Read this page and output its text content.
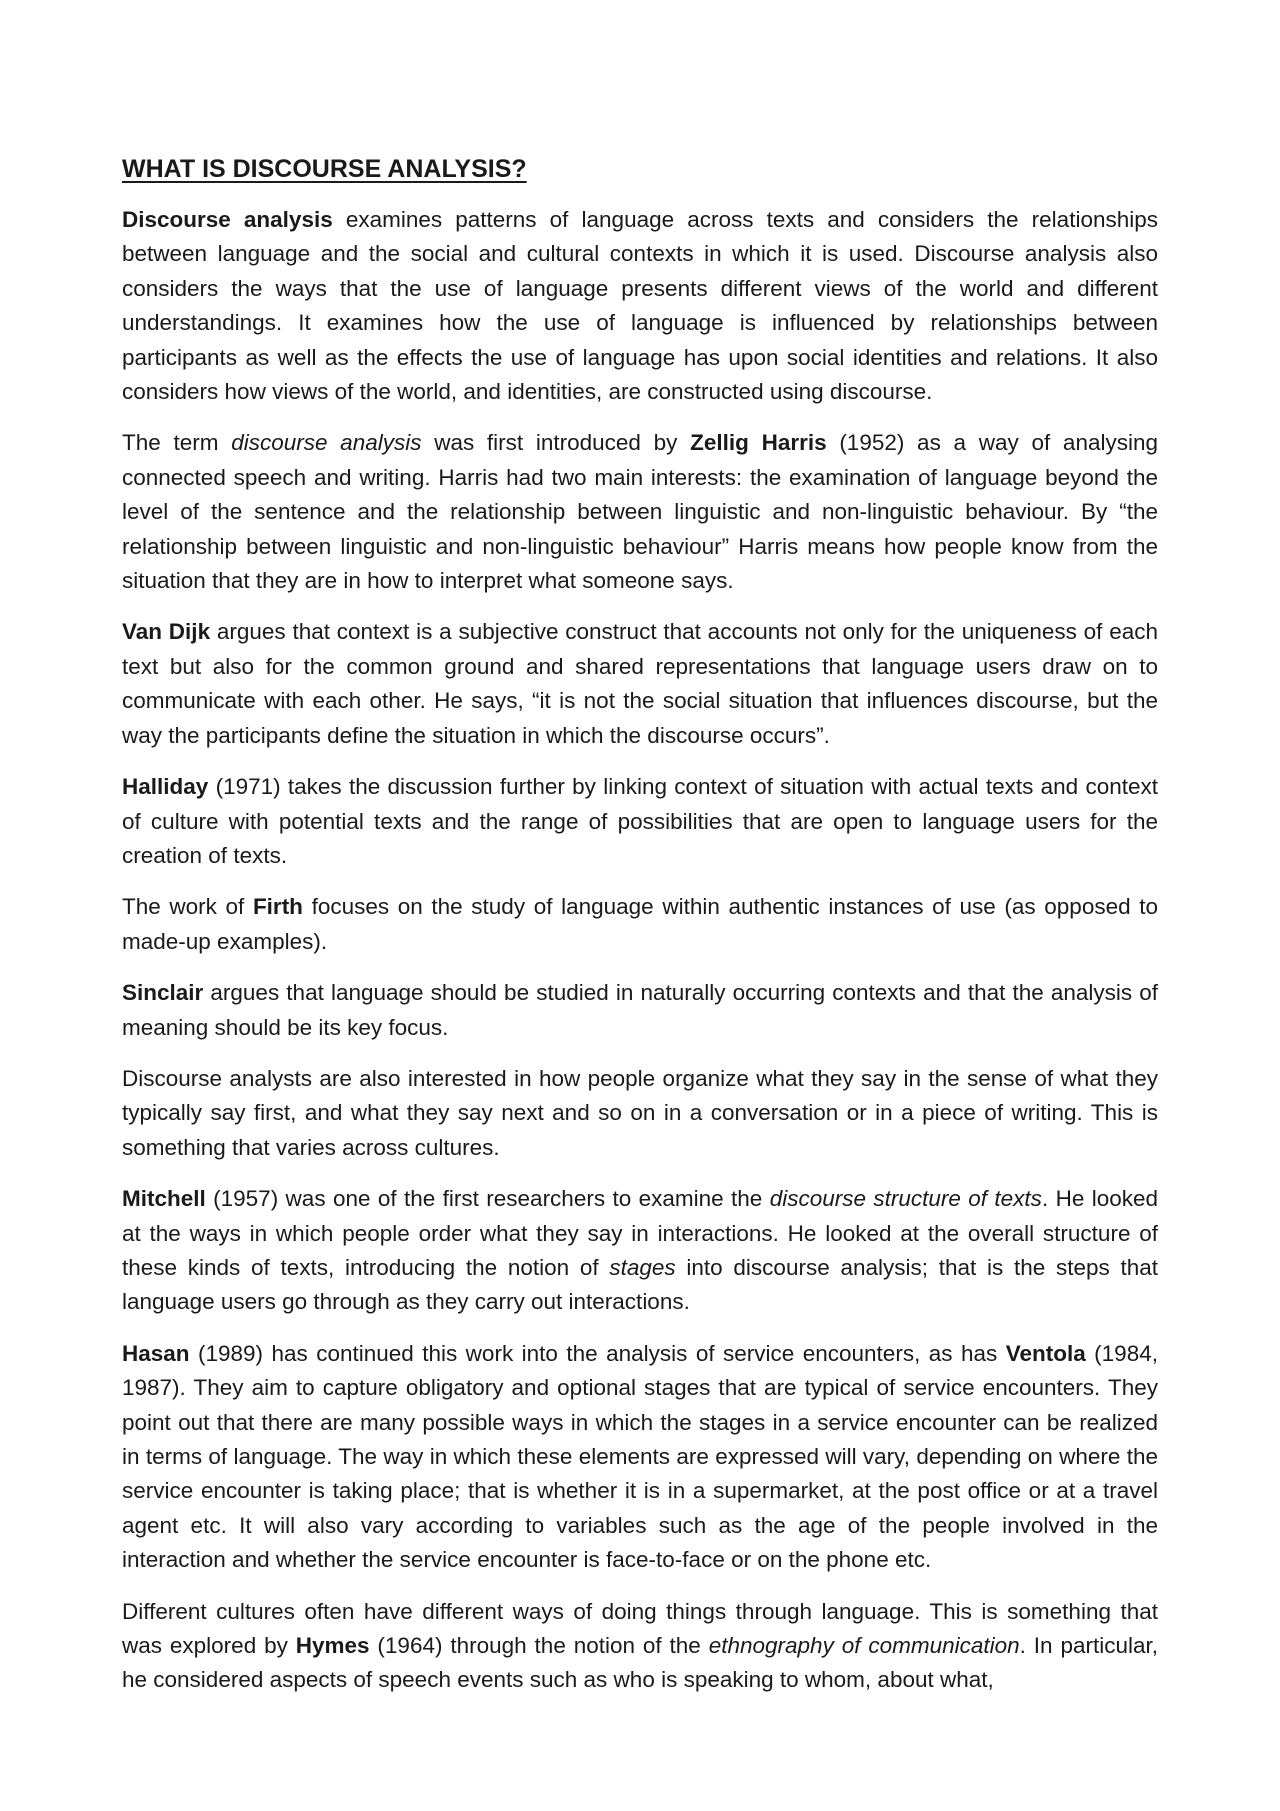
WHAT IS DISCOURSE ANALYSIS?

Discourse analysis examines patterns of language across texts and considers the relationships between language and the social and cultural contexts in which it is used. Discourse analysis also considers the ways that the use of language presents different views of the world and different understandings. It examines how the use of language is influenced by relationships between participants as well as the effects the use of language has upon social identities and relations. It also considers how views of the world, and identities, are constructed using discourse.

The term discourse analysis was first introduced by Zellig Harris (1952) as a way of analysing connected speech and writing. Harris had two main interests: the examination of language beyond the level of the sentence and the relationship between linguistic and non-linguistic behaviour. By “the relationship between linguistic and non-linguistic behaviour” Harris means how people know from the situation that they are in how to interpret what someone says.

Van Dijk argues that context is a subjective construct that accounts not only for the uniqueness of each text but also for the common ground and shared representations that language users draw on to communicate with each other. He says, “it is not the social situation that influences discourse, but the way the participants define the situation in which the discourse occurs”.

Halliday (1971) takes the discussion further by linking context of situation with actual texts and context of culture with potential texts and the range of possibilities that are open to language users for the creation of texts.

The work of Firth focuses on the study of language within authentic instances of use (as opposed to made-up examples).

Sinclair argues that language should be studied in naturally occurring contexts and that the analysis of meaning should be its key focus.

Discourse analysts are also interested in how people organize what they say in the sense of what they typically say first, and what they say next and so on in a conversation or in a piece of writing. This is something that varies across cultures.

Mitchell (1957) was one of the first researchers to examine the discourse structure of texts. He looked at the ways in which people order what they say in interactions. He looked at the overall structure of these kinds of texts, introducing the notion of stages into discourse analysis; that is the steps that language users go through as they carry out interactions.

Hasan (1989) has continued this work into the analysis of service encounters, as has Ventola (1984, 1987). They aim to capture obligatory and optional stages that are typical of service encounters. They point out that there are many possible ways in which the stages in a service encounter can be realized in terms of language. The way in which these elements are expressed will vary, depending on where the service encounter is taking place; that is whether it is in a supermarket, at the post office or at a travel agent etc. It will also vary according to variables such as the age of the people involved in the interaction and whether the service encounter is face-to-face or on the phone etc.

Different cultures often have different ways of doing things through language. This is something that was explored by Hymes (1964) through the notion of the ethnography of communication. In particular, he considered aspects of speech events such as who is speaking to whom, about what,
